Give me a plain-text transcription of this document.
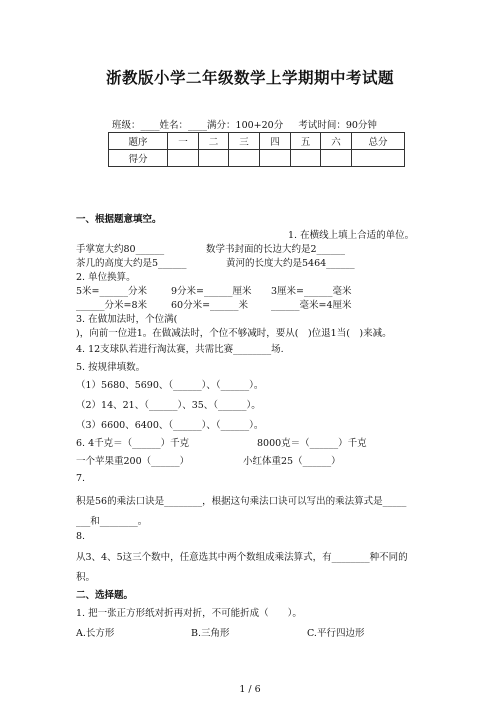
浙教版小学二年级数学上学期期中考试题
班级：____姓名：____满分：100+20分 考试时间：90分钟
题序	一	二	三	四	五	六	总分
得分							
一、根据题意填空。
1. 在横线上填上合适的单位。
手掌宽大约80______	数学书封面的长边大约是2______
茶几的高度大约是5______	黄河的长度大约是5464______
2. 单位换算。
5米=______分米	9分米=______厘米 3厘米=______毫米
______分米=8米	60分米=______米 ______毫米=4厘米
3. 在做加法时，个位满(
)，向前一位进1。在做减法时，个位不够减时，要从(　)位退1当(　)来减。
4. 12支球队若进行淘汰赛，共需比赛________场.
5. 按规律填数。
（1）5680、5690、（______）、（______）。
（2）14、21、（______）、35、（______）。
（3）6600、6400、（______）、（______）。
6. 4千克＝（______）千克	8000克＝（______）千克
一个苹果重200（______）	小红体重25（______）
7.
积是56的乘法口诀是________，根据这句乘法口诀可以写出的乘法算式是_____
___和________。
8.
从3、4、5这三个数中，任意选其中两个数组成乘法算式，有________种不同的
积。
二、选择题。
1. 把一张正方形纸对折再对折，不可能折成（　　）。
A.长方形	B.三角形	C.平行四边形
1 / 6
